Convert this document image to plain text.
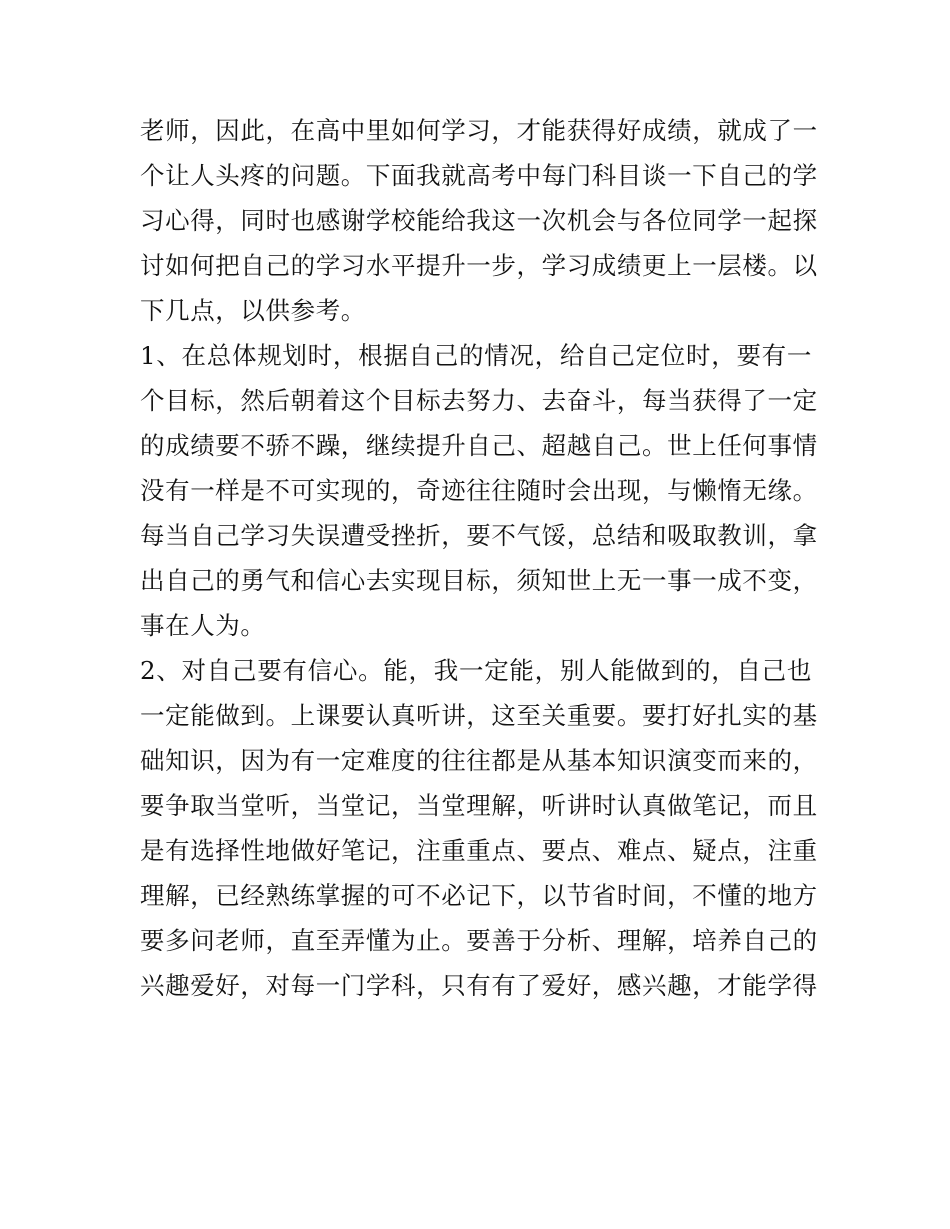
老师，因此，在高中里如何学习，才能获得好成绩，就成了一
个让人头疼的问题。下面我就高考中每门科目谈一下自己的学
习心得，同时也感谢学校能给我这一次机会与各位同学一起探
讨如何把自己的学习水平提升一步，学习成绩更上一层楼。以
下几点，以供参考。
1、在总体规划时，根据自己的情况，给自己定位时，要有一
个目标，然后朝着这个目标去努力、去奋斗，每当获得了一定
的成绩要不骄不躁，继续提升自己、超越自己。世上任何事情
没有一样是不可实现的，奇迹往往随时会出现，与懒惰无缘。
每当自己学习失误遭受挫折，要不气馁，总结和吸取教训，拿
出自己的勇气和信心去实现目标，须知世上无一事一成不变，
事在人为。
2、对自己要有信心。能，我一定能，别人能做到的，自己也
一定能做到。上课要认真听讲，这至关重要。要打好扎实的基
础知识，因为有一定难度的往往都是从基本知识演变而来的，
要争取当堂听，当堂记，当堂理解，听讲时认真做笔记，而且
是有选择性地做好笔记，注重重点、要点、难点、疑点，注重
理解，已经熟练掌握的可不必记下，以节省时间，不懂的地方
要多问老师，直至弄懂为止。要善于分析、理解，培养自己的
兴趣爱好，对每一门学科，只有有了爱好，感兴趣，才能学得
